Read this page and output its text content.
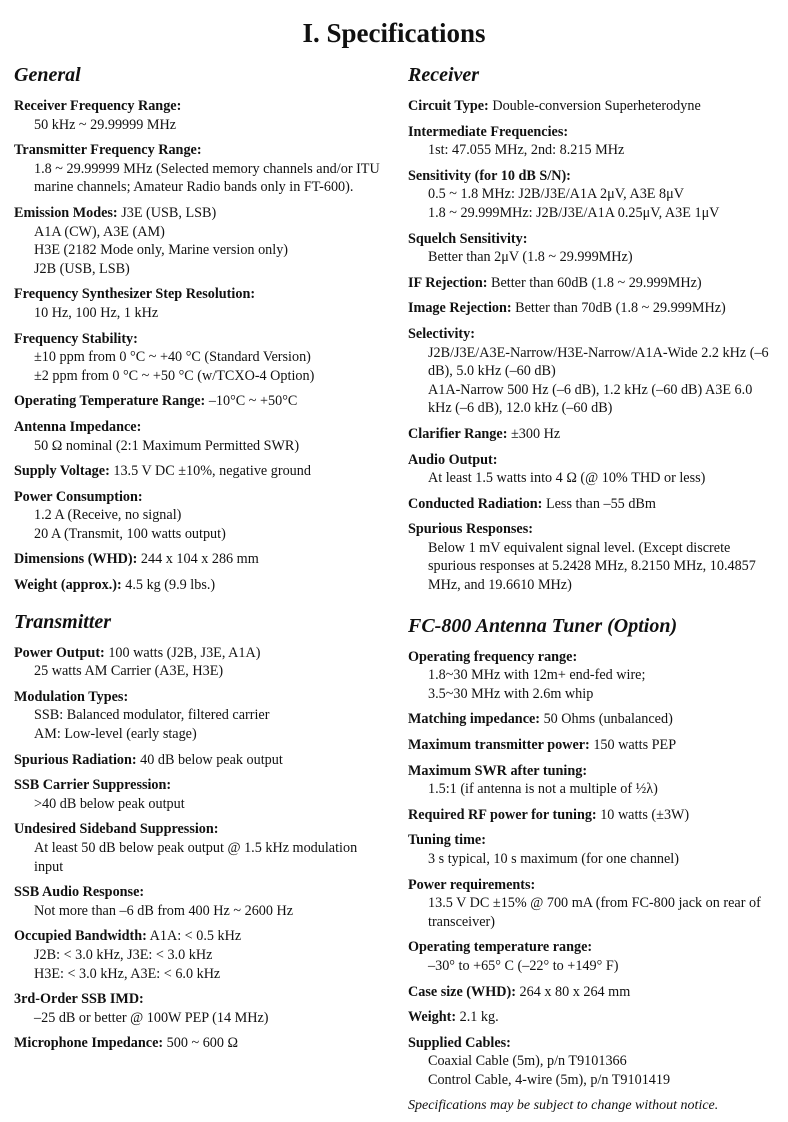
I. Specifications
General
Receiver Frequency Range:
50 kHz ~ 29.99999 MHz
Transmitter Frequency Range:
1.8 ~ 29.99999 MHz (Selected memory channels and/or ITU marine channels; Amateur Radio bands only in FT-600).
Emission Modes: J3E (USB, LSB)
A1A (CW), A3E (AM)
H3E (2182 Mode only, Marine version only)
J2B (USB, LSB)
Frequency Synthesizer Step Resolution:
10 Hz, 100 Hz, 1 kHz
Frequency Stability:
±10 ppm from 0 °C ~ +40 °C (Standard Version)
±2 ppm from 0 °C ~ +50 °C (w/TCXO-4 Option)
Operating Temperature Range: –10°C ~ +50°C
Antenna Impedance:
50 Ω nominal (2:1 Maximum Permitted SWR)
Supply Voltage: 13.5 V DC ±10%, negative ground
Power Consumption:
1.2 A (Receive, no signal)
20 A (Transmit, 100 watts output)
Dimensions (WHD): 244 x 104 x 286 mm
Weight (approx.): 4.5 kg (9.9 lbs.)
Transmitter
Power Output: 100 watts (J2B, J3E, A1A)
25 watts AM Carrier (A3E, H3E)
Modulation Types:
SSB: Balanced modulator, filtered carrier
AM: Low-level (early stage)
Spurious Radiation: 40 dB below peak output
SSB Carrier Suppression:
>40 dB below peak output
Undesired Sideband Suppression:
At least 50 dB below peak output @ 1.5 kHz modulation input
SSB Audio Response:
Not more than –6 dB from 400 Hz ~ 2600 Hz
Occupied Bandwidth: A1A: < 0.5 kHz
J2B: < 3.0 kHz, J3E: < 3.0 kHz
H3E: < 3.0 kHz, A3E: < 6.0 kHz
3rd-Order SSB IMD:
–25 dB or better @ 100W PEP (14 MHz)
Microphone Impedance: 500 ~ 600 Ω
Receiver
Circuit Type: Double-conversion Superheterodyne
Intermediate Frequencies:
1st: 47.055 MHz, 2nd: 8.215 MHz
Sensitivity (for 10 dB S/N):
0.5 ~ 1.8 MHz: J2B/J3E/A1A 2μV, A3E 8μV
1.8 ~ 29.999MHz: J2B/J3E/A1A 0.25μV, A3E 1μV
Squelch Sensitivity:
Better than 2μV (1.8 ~ 29.999MHz)
IF Rejection: Better than 60dB (1.8 ~ 29.999MHz)
Image Rejection: Better than 70dB (1.8 ~ 29.999MHz)
Selectivity:
J2B/J3E/A3E-Narrow/H3E-Narrow/A1A-Wide 2.2 kHz (–6 dB), 5.0 kHz (–60 dB)
A1A-Narrow 500 Hz (–6 dB), 1.2 kHz (–60 dB) A3E 6.0 kHz (–6 dB), 12.0 kHz (–60 dB)
Clarifier Range: ±300 Hz
Audio Output:
At least 1.5 watts into 4 Ω (@ 10% THD or less)
Conducted Radiation: Less than –55 dBm
Spurious Responses:
Below 1 mV equivalent signal level. (Except discrete spurious responses at 5.2428 MHz, 8.2150 MHz, 10.4857 MHz, and 19.6610 MHz)
FC-800 Antenna Tuner (Option)
Operating frequency range:
1.8~30 MHz with 12m+ end-fed wire;
3.5~30 MHz with 2.6m whip
Matching impedance: 50 Ohms (unbalanced)
Maximum transmitter power: 150 watts PEP
Maximum SWR after tuning:
1.5:1 (if antenna is not a multiple of ½λ)
Required RF power for tuning: 10 watts (±3W)
Tuning time:
3 s typical, 10 s maximum (for one channel)
Power requirements:
13.5 V DC ±15% @ 700 mA (from FC-800 jack on rear of transceiver)
Operating temperature range:
–30° to +65° C (–22° to +149° F)
Case size (WHD): 264 x 80 x 264 mm
Weight: 2.1 kg.
Supplied Cables:
Coaxial Cable (5m), p/n T9101366
Control Cable, 4-wire (5m), p/n T9101419
Specifications may be subject to change without notice.
